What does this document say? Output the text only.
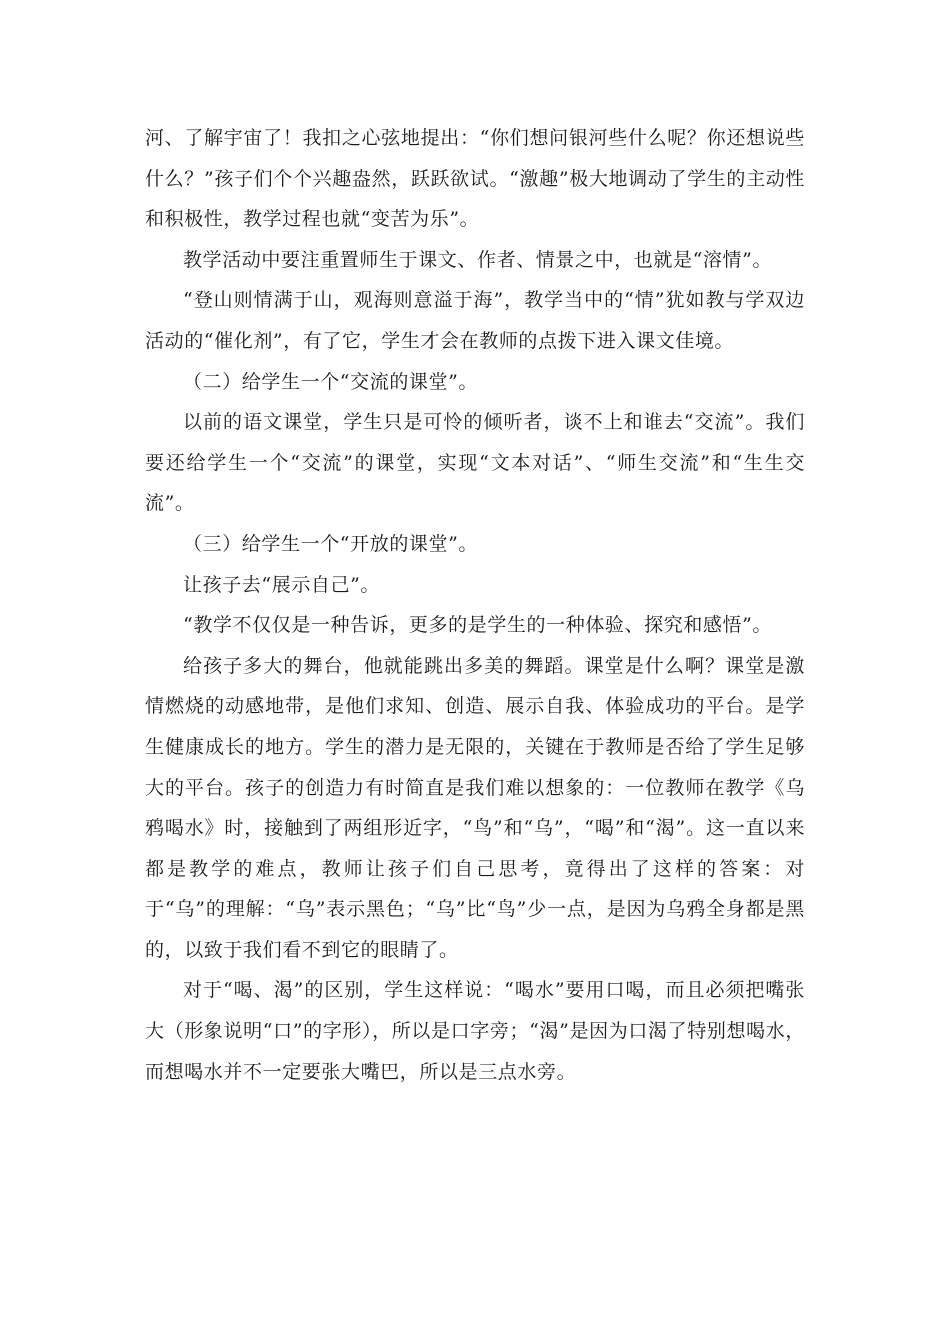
河、了解宇宙了！我扣之心弦地提出：“你们想问银河些什么呢？你还想说些什么？”孩子们个个兴趣盎然，跃跃欲试。“激趣”极大地调动了学生的主动性和积极性，教学过程也就“变苦为乐”。

教学活动中要注重置师生于课文、作者、情景之中，也就是“溶情”。

“登山则情满于山，观海则意溢于海”，教学当中的“情”犹如教与学双边活动的“催化剂”，有了它，学生才会在教师的点拨下进入课文佳境。

（二）给学生一个“交流的课堂”。

以前的语文课堂，学生只是可怜的倾听者，谈不上和谁去“交流”。我们要还给学生一个“交流”的课堂，实现“文本对话”、“师生交流”和“生生交流”。

（三）给学生一个“开放的课堂”。

让孩子去“展示自己”。

“教学不仅仅是一种告诉，更多的是学生的一种体验、探究和感悟”。

给孩子多大的舞台，他就能跳出多美的舞蹈。课堂是什么啊？课堂是激情燃烧的动感地带，是他们求知、创造、展示自我、体验成功的平台。是学生健康成长的地方。学生的潜力是无限的，关键在于教师是否给了学生足够大的平台。孩子的创造力有时简直是我们难以想象的：一位教师在教学《乌鸦喝水》时，接触到了两组形近字，“鸟”和“乌”，“喝”和“渴”。这一直以来都是教学的难点，教师让孩子们自己思考，竟得出了这样的答案：对于“乌”的理解：“乌”表示黑色；“乌”比“鸟”少一点，是因为乌鸦全身都是黑的，以致于我们看不到它的眼睛了。

对于“喝、渴”的区别，学生这样说：“喝水”要用口喝，而且必须把嘴张大（形象说明“口”的字形），所以是口字旁；“渴”是因为口渴了特别想喝水，而想喝水并不一定要张大嘴巴，所以是三点水旁。
